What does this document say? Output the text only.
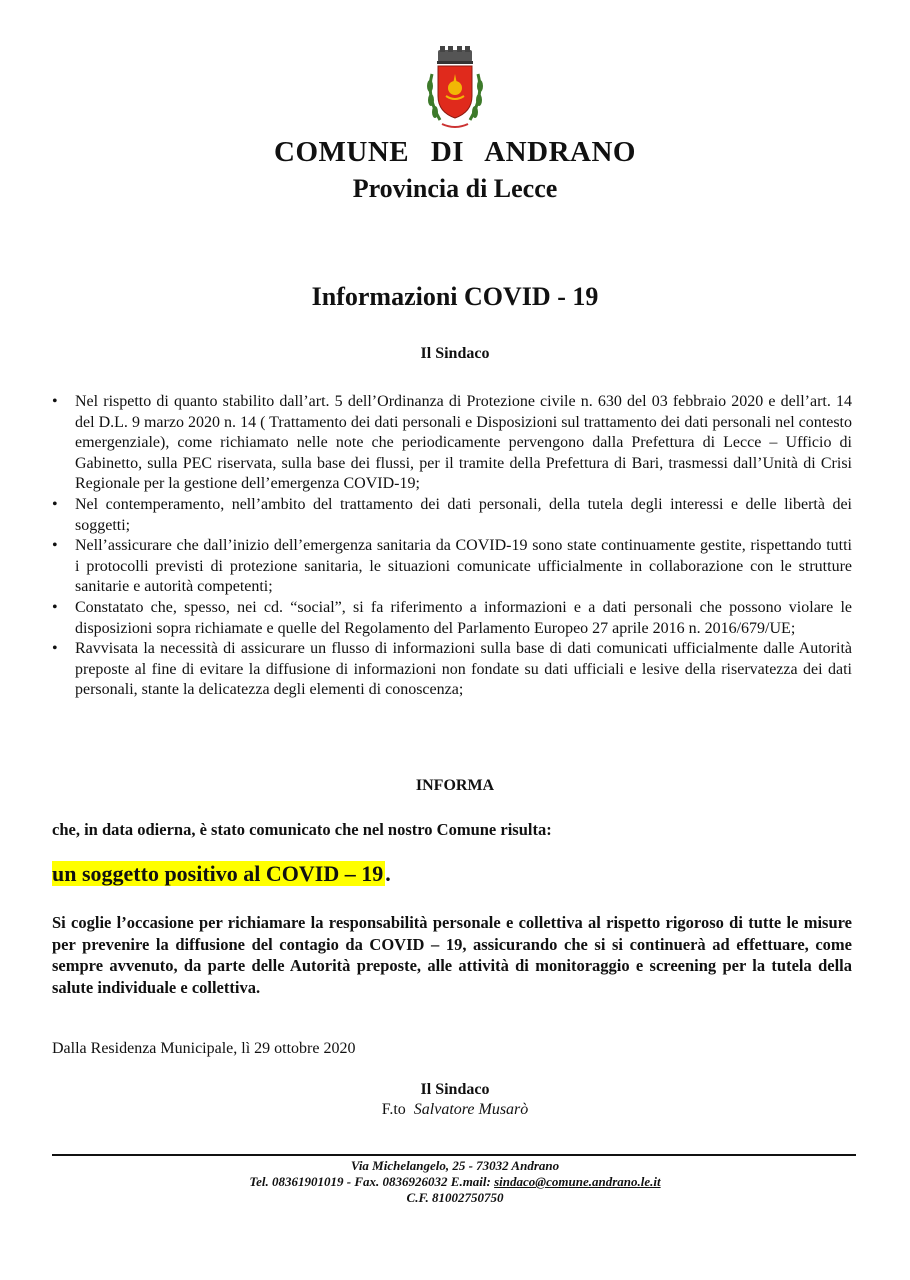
COMUNE DI ANDRANO
Provincia di Lecce
Informazioni COVID - 19
Il Sindaco
• Nel rispetto di quanto stabilito dall’art. 5 dell’Ordinanza di Protezione civile n. 630 del 03 febbraio 2020 e dell’art. 14 del D.L. 9 marzo 2020 n. 14 ( Trattamento dei dati personali e Disposizioni sul trattamento dei dati personali nel contesto emergenziale), come richiamato nelle note che periodicamente pervengono dalla Prefettura di Lecce – Ufficio di Gabinetto, sulla PEC riservata, sulla base dei flussi, per il tramite della Prefettura di Bari, trasmessi dall’Unità di Crisi Regionale per la gestione dell’emergenza COVID-19;
• Nel contemperamento, nell’ambito del trattamento dei dati personali, della tutela degli interessi e delle libertà dei soggetti;
• Nell’assicurare che dall’inizio dell’emergenza sanitaria da COVID-19 sono state continuamente gestite, rispettando tutti i protocolli previsti di protezione sanitaria, le situazioni comunicate ufficialmente in collaborazione con le strutture sanitarie e autorità competenti;
• Constatato che, spesso, nei cd. “social”, si fa riferimento a informazioni e a dati personali che possono violare le disposizioni sopra richiamate e quelle del Regolamento del Parlamento Europeo 27 aprile 2016 n. 2016/679/UE;
• Ravvisata la necessità di assicurare un flusso di informazioni sulla base di dati comunicati ufficialmente dalle Autorità preposte al fine di evitare la diffusione di informazioni non fondate su dati ufficiali e lesive della riservatezza dei dati personali, stante la delicatezza degli elementi di conoscenza;
INFORMA
che, in data odierna, è stato comunicato che nel nostro Comune risulta:
un soggetto positivo al COVID – 19.
Si coglie l’occasione per richiamare la responsabilità personale e collettiva al rispetto rigoroso di tutte le misure per prevenire la diffusione del contagio da COVID – 19, assicurando che si si continuerà ad effettuare, come sempre avvenuto, da parte delle Autorità preposte, alle attività di monitoraggio e screening per la tutela della salute individuale e collettiva.
Dalla Residenza Municipale, lì 29 ottobre 2020
Il Sindaco
F.to Salvatore Musarò
Via Michelangelo, 25 - 73032 Andrano
Tel. 08361901019 - Fax. 0836926032 E.mail: sindaco@comune.andrano.le.it
C.F. 81002750750
